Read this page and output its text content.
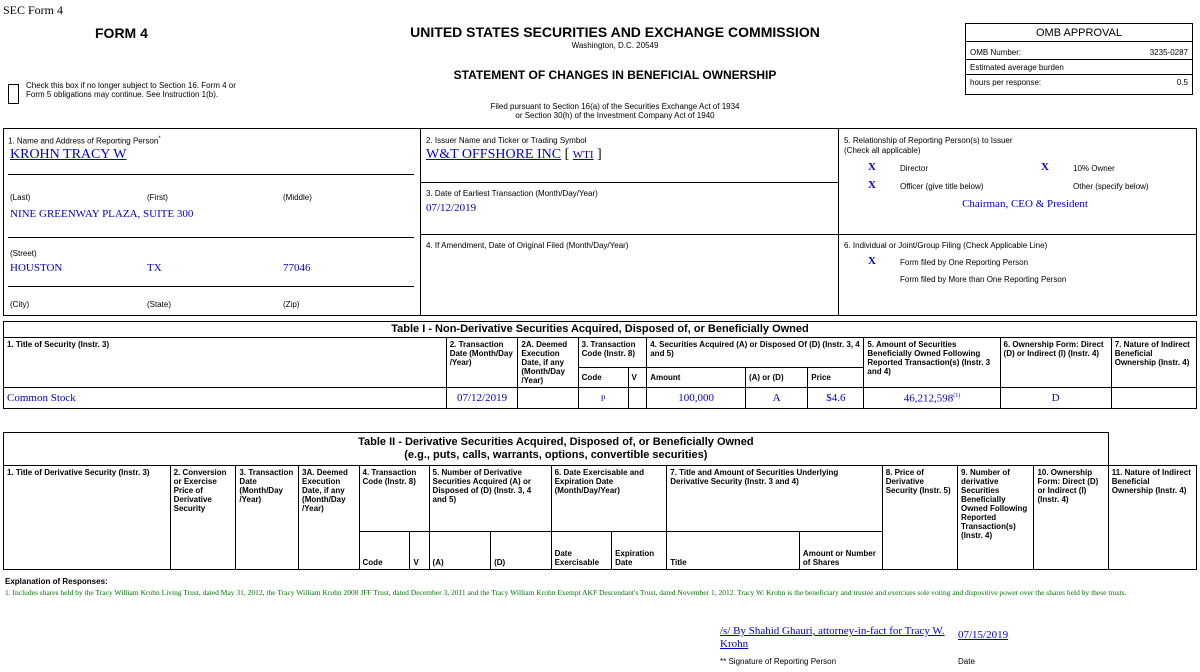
SEC Form 4
FORM 4
Check this box if no longer subject to Section 16. Form 4 or Form 5 obligations may continue. See Instruction 1(b).
UNITED STATES SECURITIES AND EXCHANGE COMMISSION
Washington, D.C. 20549
STATEMENT OF CHANGES IN BENEFICIAL OWNERSHIP
Filed pursuant to Section 16(a) of the Securities Exchange Act of 1934
or Section 30(h) of the Investment Company Act of 1940
OMB APPROVAL
OMB Number:	3235-0287
Estimated average burden
hours per response:	0.5
1. Name and Address of Reporting Person*
KROHN TRACY W
(Last)	(First)	(Middle)
NINE GREENWAY PLAZA, SUITE 300
(Street)
HOUSTON	TX	77046
(City)	(State)	(Zip)
2. Issuer Name and Ticker or Trading Symbol
W&T OFFSHORE INC [ WTI ]
3. Date of Earliest Transaction (Month/Day/Year)
07/12/2019
4. If Amendment, Date of Original Filed (Month/Day/Year)
5. Relationship of Reporting Person(s) to Issuer
(Check all applicable)
X	Director	X	10% Owner
X	Officer (give title below)	Other (specify below)
Chairman, CEO & President
6. Individual or Joint/Group Filing (Check Applicable Line)
X	Form filed by One Reporting Person
Form filed by More than One Reporting Person
Table I - Non-Derivative Securities Acquired, Disposed of, or Beneficially Owned										
1. Title of Security (Instr. 3)	2. Transaction Date (Month/Day /Year)	2A. Deemed Execution Date, if any (Month/Day /Year)	3. Transaction Code (Instr. 8)		4. Securities Acquired (A) or Disposed Of (D) (Instr. 3, 4 and 5)			5. Amount of Securities Beneficially Owned Following Reported Transaction(s) (Instr. 3 and 4)	6. Ownership Form: Direct (D) or Indirect (I) (Instr. 4)	7. Nature of Indirect Beneficial Ownership (Instr. 4)
			Code	V	Amount	(A) or (D)	Price			
Common Stock	07/12/2019		P		100,000	A	$4.6	46,212,598$^{(1)}$	D	
Table II - Derivative Securities Acquired, Disposed of, or Beneficially Owned
(e.g., puts, calls, warrants, options, convertible securities)															

1. Title of Derivative Security (Instr. 3)	2. Conversion or Exercise Price of Derivative Security	3. Transaction Date (Month/Day /Year)	3A. Deemed Execution Date, if any (Month/Day /Year)	4. Transaction Code (Instr. 8)		5. Number of Derivative Securities Acquired (A) or Disposed of (D) (Instr. 3, 4 and 5)		6. Date Exercisable and Expiration Date (Month/Day/Year)		7. Title and Amount of Securities Underlying Derivative Security (Instr. 3 and 4)		8. Price of Derivative Security (Instr. 5)	9. Number of derivative Securities Beneficially Owned Following Reported Transaction(s) (Instr. 4)	10. Ownership Form: Direct (D) or Indirect (I) (Instr. 4)	11. Nature of Indirect Beneficial Ownership (Instr. 4)
				Code	V	(A)	(D)	Date Exercisable	Expiration Date	Title	Amount or Number of Shares				
Explanation of Responses:
1. Includes shares held by the Tracy William Krohn Living Trust, dated May 31, 2012, the Tracy William Krohn 2008 JFF Trust, dated December 3, 2011 and the Tracy William Krohn Exempt AKF Descendant's Trust, dated November 1, 2012. Tracy W. Krohn is the beneficiary and trustee and exercises sole voting and dispositive power over the shares held by these trusts.
/s/ By Shahid Ghauri, attorney-in-fact for Tracy W. Krohn
07/15/2019
** Signature of Reporting Person	Date
